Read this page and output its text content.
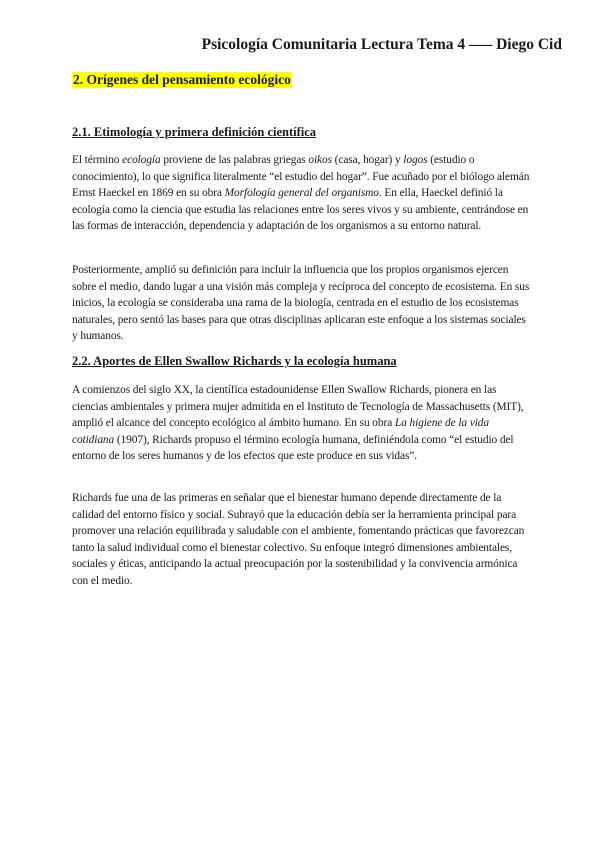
Psicología Comunitaria Lectura Tema 4 —– Diego Cid
2. Orígenes del pensamiento ecológico
2.1. Etimología y primera definición científica

El término ecología proviene de las palabras griegas oikos (casa, hogar) y logos (estudio o conocimiento), lo que significa literalmente “el estudio del hogar”. Fue acuñado por el biólogo alemán Ernst Haeckel en 1869 en su obra Morfología general del organismo. En ella, Haeckel definió la ecología como la ciencia que estudia las relaciones entre los seres vivos y su ambiente, centrándose en las formas de interacción, dependencia y adaptación de los organismos a su entorno natural.

Posteriormente, amplió su definición para incluir la influencia que los propios organismos ejercen sobre el medio, dando lugar a una visión más compleja y recíproca del concepto de ecosistema. En sus inicios, la ecología se consideraba una rama de la biología, centrada en el estudio de los ecosistemas naturales, pero sentó las bases para que otras disciplinas aplicaran este enfoque a los sistemas sociales y humanos.

2.2. Aportes de Ellen Swallow Richards y la ecología humana

A comienzos del siglo XX, la científica estadounidense Ellen Swallow Richards, pionera en las ciencias ambientales y primera mujer admitida en el Instituto de Tecnología de Massachusetts (MIT), amplió el alcance del concepto ecológico al ámbito humano. En su obra La higiene de la vida cotidiana (1907), Richards propuso el término ecología humana, definiéndola como “el estudio del entorno de los seres humanos y de los efectos que este produce en sus vidas”.

Richards fue una de las primeras en señalar que el bienestar humano depende directamente de la calidad del entorno físico y social. Subrayó que la educación debía ser la herramienta principal para promover una relación equilibrada y saludable con el ambiente, fomentando prácticas que favorezcan tanto la salud individual como el bienestar colectivo. Su enfoque integró dimensiones ambientales, sociales y éticas, anticipando la actual preocupación por la sostenibilidad y la convivencia armónica con el medio.
